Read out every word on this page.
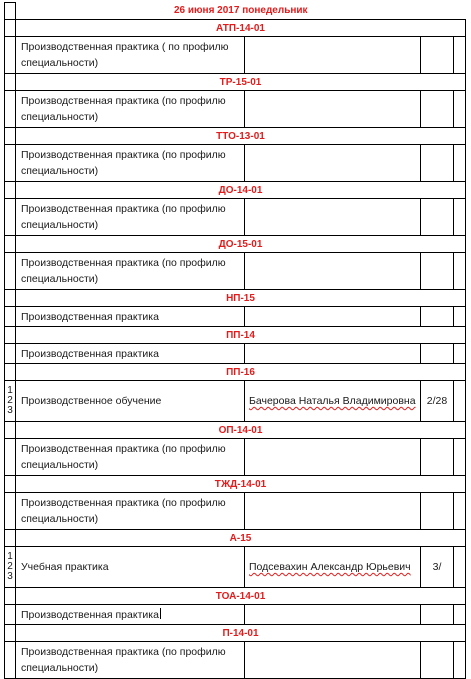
	26 июня 2017 понедельник			
	АТП-14-01			
	Производственная практика ( по профилю специальности)			
	ТР-15-01			
	Производственная практика (по профилю специальности)			
	ТТО-13-01			
	Производственная практика (по профилю специальности)			
	ДО-14-01			
	Производственная практика (по профилю специальности)			
	ДО-15-01			
	Производственная практика (по профилю специальности)			
	НП-15			
	Производственная практика			
	ПП-14			
	Производственная практика			
	ПП-16			
1
2
3	Производственное обучение	Бачерова Наталья Владимировна	2/28	
	ОП-14-01			
	Производственная практика (по профилю специальности)			
	ТЖД-14-01			
	Производственная практика (по профилю специальности)			
	А-15			
1
2
3	Учебная практика	Подсевахин Александр Юрьевич	3/	
	ТОА-14-01			
	Производственная практика			
	П-14-01			
	Производственная практика (по профилю специальности)			
